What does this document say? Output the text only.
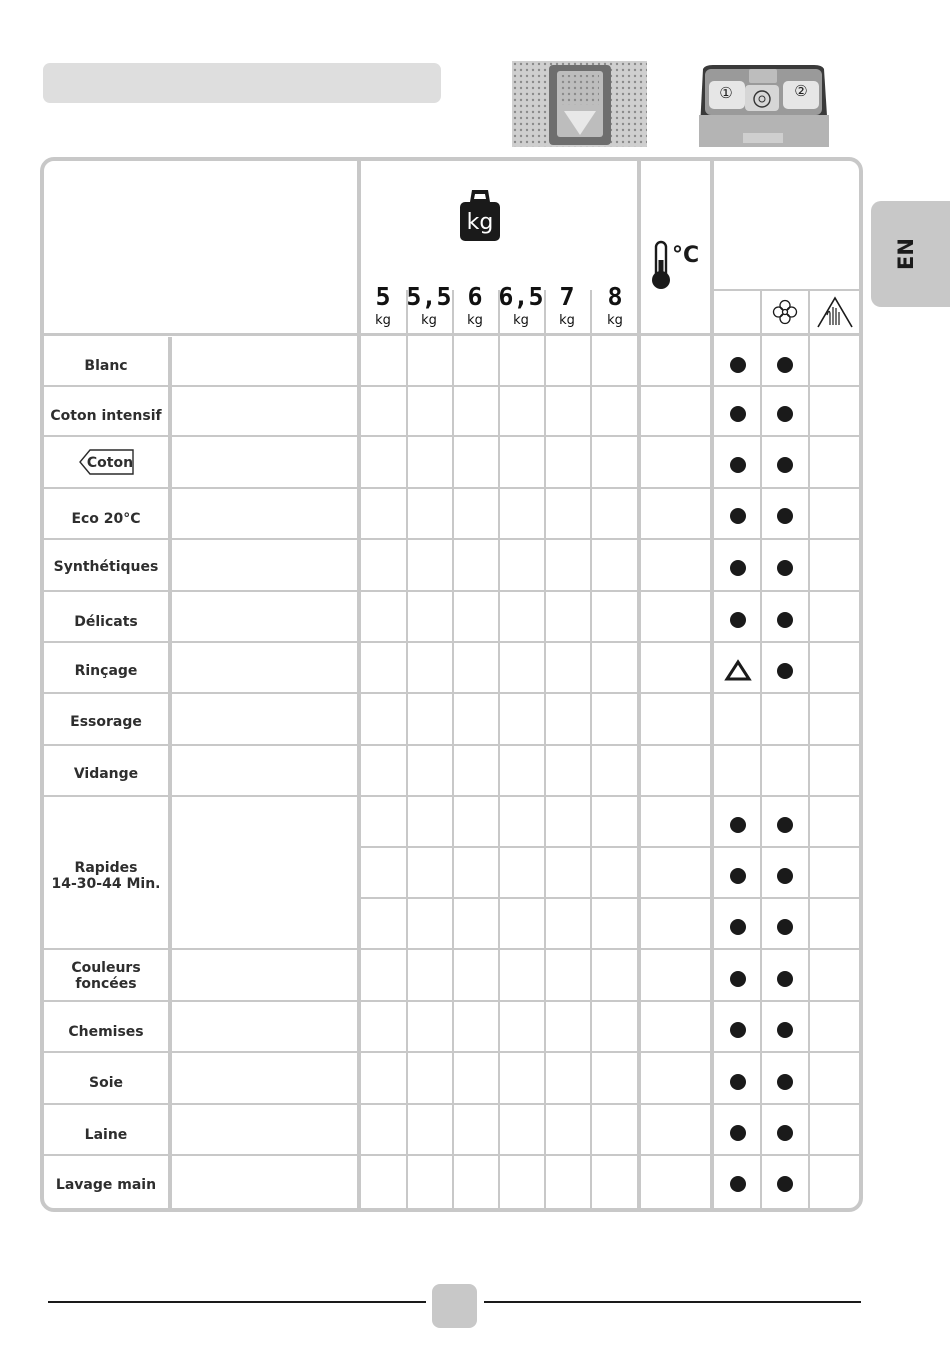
①	②
EN
kg
°C
5
kg
5,5
kg
6
kg
6,5
kg
7
kg
8
kg
Blanc
Coton intensif
Coton
Eco 20°C
Synthétiques
Délicats
Rinçage
Essorage
Vidange
Rapides
14-30-44 Min.
Couleurs
foncées
Chemises
Soie
Laine
Lavage main
